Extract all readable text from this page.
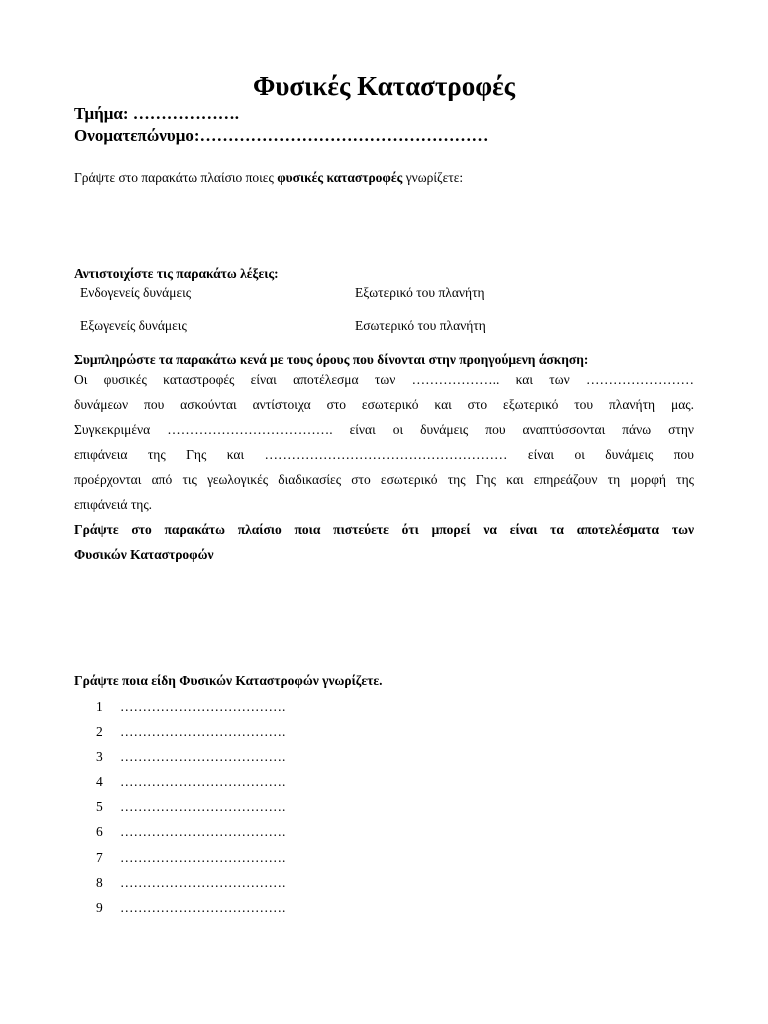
Φυσικές Καταστροφές
Τμήμα: ……………….
Ονοματεπώνυμο:……………………………………………
Γράψτε στο παρακάτω πλαίσιο ποιες φυσικές καταστροφές γνωρίζετε:
Αντιστοιχίστε τις παρακάτω λέξεις:
Ενδογενείς δυνάμεις	Εξωτερικό του πλανήτη
Εξωγενείς δυνάμεις	Εσωτερικό του πλανήτη
Συμπληρώστε τα παρακάτω κενά με τους όρους που δίνονται στην προηγούμενη άσκηση:
Οι φυσικές καταστροφές είναι αποτέλεσμα των ……………….. και των ……………………
δυνάμεων που ασκούνται αντίστοιχα στο εσωτερικό και στο εξωτερικό του πλανήτη μας.
Συγκεκριμένα ………………………………. είναι οι δυνάμεις που αναπτύσσονται πάνω στην
επιφάνεια της Γης και ……………………………………………… είναι οι δυνάμεις που
προέρχονται από τις γεωλογικές διαδικασίες στο εσωτερικό της Γης και επηρεάζουν τη μορφή της
επιφάνειά της.
Γράψτε στο παρακάτω πλαίσιο ποια πιστεύετε ότι μπορεί να είναι τα αποτελέσματα των
Φυσικών Καταστροφών
Γράψτε ποια είδη Φυσικών Καταστροφών γνωρίζετε.
1 ……………………………….
2 ……………………………….
3 ……………………………….
4 ……………………………….
5 ……………………………….
6 ……………………………….
7 ……………………………….
8 ……………………………….
9 ……………………………….
